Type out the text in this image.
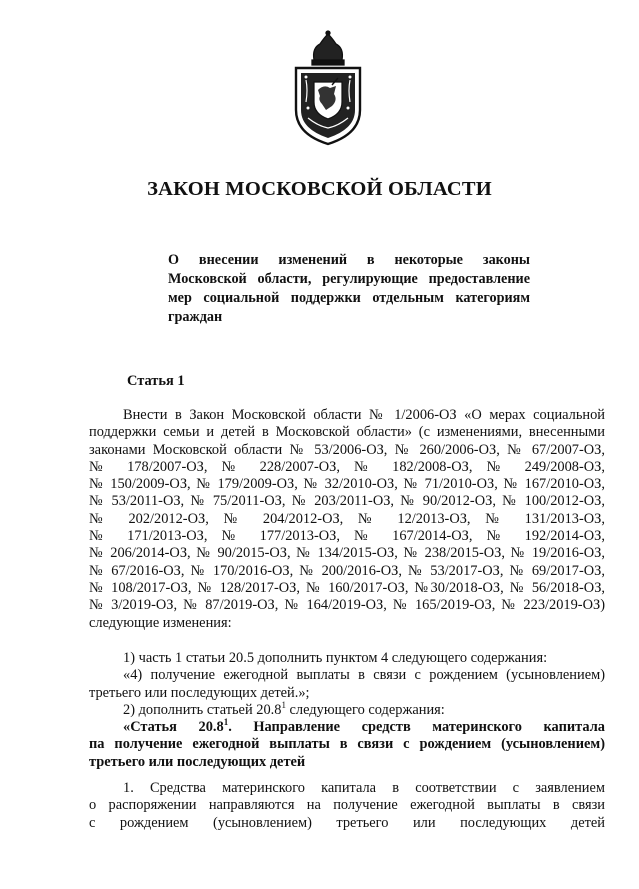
ЗАКОН МОСКОВСКОЙ ОБЛАСТИ
О внесении изменений в некоторые законы Московской области, регулирующие предоставление мер социальной поддержки отдельным категориям граждан
Статья 1
Внести в Закон Московской области № 1/2006-ОЗ «О мерах социальной
поддержки семьи и детей в Московской области» (с изменениями, внесенными
законами Московской области № 53/2006-ОЗ, № 260/2006-ОЗ, № 67/2007-ОЗ,
№ 178/2007-ОЗ, № 228/2007-ОЗ, № 182/2008-ОЗ, № 249/2008-ОЗ,
№ 150/2009-ОЗ, № 179/2009-ОЗ, № 32/2010-ОЗ, № 71/2010-ОЗ, № 167/2010-ОЗ,
№ 53/2011-ОЗ, № 75/2011-ОЗ, № 203/2011-ОЗ, № 90/2012-ОЗ, № 100/2012-ОЗ,
№ 202/2012-ОЗ, № 204/2012-ОЗ, № 12/2013-ОЗ, № 131/2013-ОЗ,
№ 171/2013-ОЗ, № 177/2013-ОЗ, № 167/2014-ОЗ, № 192/2014-ОЗ,
№ 206/2014-ОЗ, № 90/2015-ОЗ, № 134/2015-ОЗ, № 238/2015-ОЗ, № 19/2016-ОЗ,
№ 67/2016-ОЗ, № 170/2016-ОЗ, № 200/2016-ОЗ, № 53/2017-ОЗ, № 69/2017-ОЗ,
№ 108/2017-ОЗ, № 128/2017-ОЗ, № 160/2017-ОЗ, №30/2018-ОЗ, № 56/2018-ОЗ,
№ 3/2019-ОЗ, № 87/2019-ОЗ, № 164/2019-ОЗ, № 165/2019-ОЗ, № 223/2019-ОЗ)
следующие изменения:
1) часть 1 статьи 20.5 дополнить пунктом 4 следующего содержания:
«4) получение ежегодной выплаты в связи с рождением (усыновлением) третьего или последующих детей.»;
2) дополнить статьей 20.8$^1$ следующего содержания:
«Статья 20.8$^1$. Направление средств материнского капитала
па получение ежегодной выплаты в связи с рождением (усыновлением)
третьего или последующих детей
1. Средства материнского капитала в соответствии с заявлением
о распоряжении направляются на получение ежегодной выплаты в связи
с рождением (усыновлением) третьего или последующих детей
